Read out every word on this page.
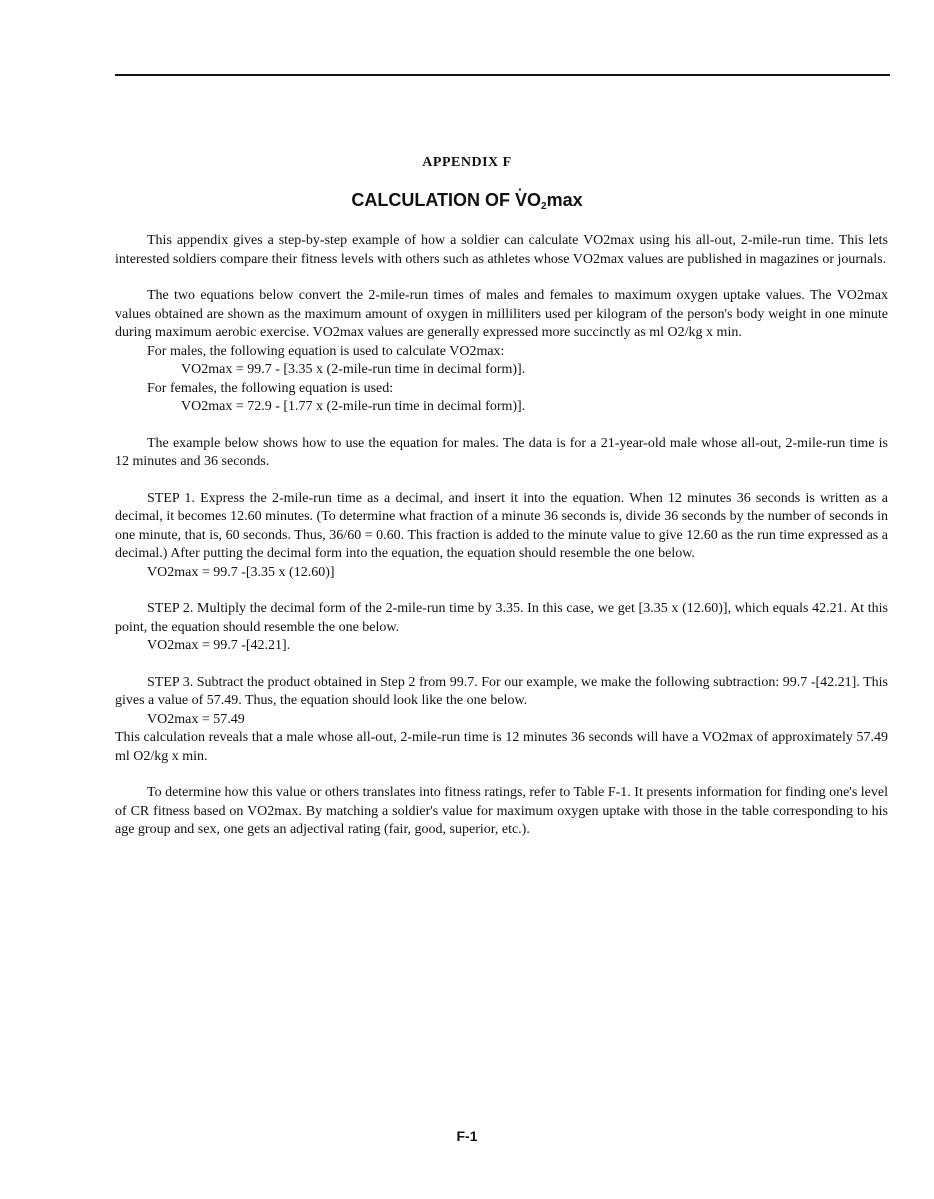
APPENDIX F
CALCULATION OF · $VO_2\max$

This appendix gives a step-by-step example of how a soldier can calculate VO2max using his all-out, 2-mile-run time. This lets interested soldiers compare their fitness levels with others such as athletes whose VO2max values are published in magazines or journals.

The two equations below convert the 2-mile-run times of males and females to maximum oxygen uptake values. The VO2max values obtained are shown as the maximum amount of oxygen in milliliters used per kilogram of the person's body weight in one minute during maximum aerobic exercise. VO2max values are generally expressed more succinctly as ml O2/kg x min.
For males, the following equation is used to calculate VO2max:
VO2max = 99.7 - [3.35 x (2-mile-run time in decimal form)].
For females, the following equation is used:
VO2max = 72.9 - [1.77 x (2-mile-run time in decimal form)].

The example below shows how to use the equation for males. The data is for a 21-year-old male whose all-out, 2-mile-run time is 12 minutes and 36 seconds.

STEP 1. Express the 2-mile-run time as a decimal, and insert it into the equation. When 12 minutes 36 seconds is written as a decimal, it becomes 12.60 minutes. (To determine what fraction of a minute 36 seconds is, divide 36 seconds by the number of seconds in one minute, that is, 60 seconds. Thus, 36/60 = 0.60. This fraction is added to the minute value to give 12.60 as the run time expressed as a decimal.) After putting the decimal form into the equation, the equation should resemble the one below.
VO2max = 99.7 -[3.35 x (12.60)]

STEP 2. Multiply the decimal form of the 2-mile-run time by 3.35. In this case, we get [3.35 x (12.60)], which equals 42.21. At this point, the equation should resemble the one below.
VO2max = 99.7 -[42.21].

STEP 3. Subtract the product obtained in Step 2 from 99.7. For our example, we make the following subtraction: 99.7 -[42.21]. This gives a value of 57.49. Thus, the equation should look like the one below.
VO2max = 57.49
This calculation reveals that a male whose all-out, 2-mile-run time is 12 minutes 36 seconds will have a VO2max of approximately 57.49 ml O2/kg x min.

To determine how this value or others translates into fitness ratings, refer to Table F-1. It presents information for finding one's level of CR fitness based on VO2max. By matching a soldier's value for maximum oxygen uptake with those in the table corresponding to his age group and sex, one gets an adjectival rating (fair, good, superior, etc.).

F-1
